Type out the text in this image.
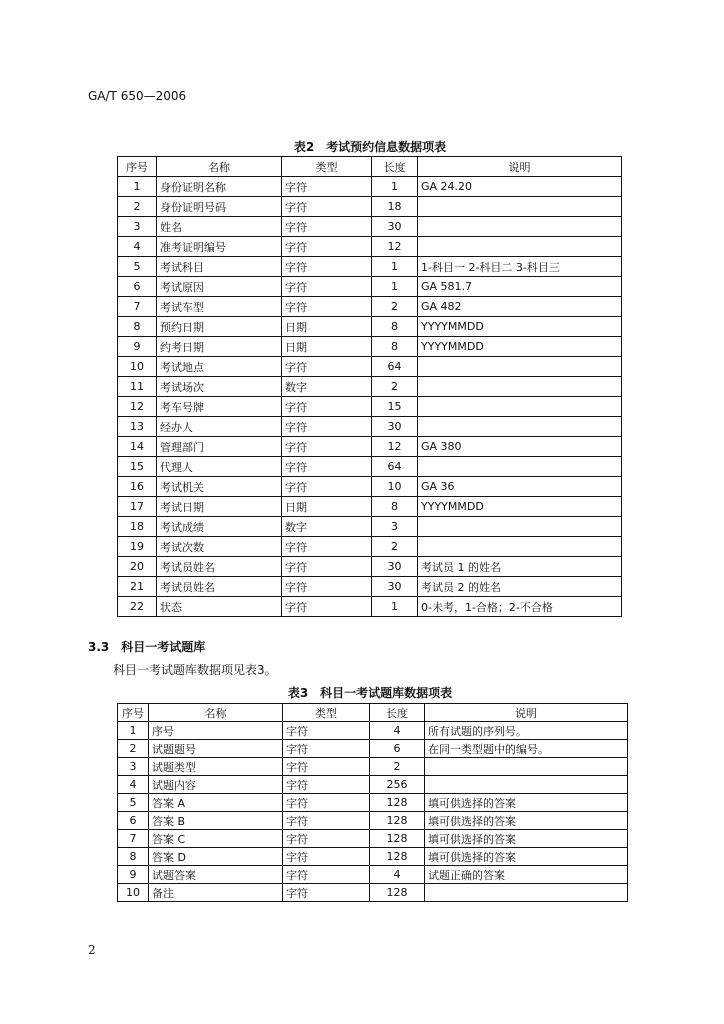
GA/T 650—2006
表2　考试预约信息数据项表
序号	名称	类型	长度	说明
1	身份证明名称	字符	1	GA 24.20
2	身份证明号码	字符	18	
3	姓名	字符	30	
4	准考证明编号	字符	12	
5	考试科目	字符	1	1-科目一 2-科目二 3-科目三
6	考试原因	字符	1	GA 581.7
7	考试车型	字符	2	GA 482
8	预约日期	日期	8	YYYYMMDD
9	约考日期	日期	8	YYYYMMDD
10	考试地点	字符	64	
11	考试场次	数字	2	
12	考车号牌	字符	15	
13	经办人	字符	30	
14	管理部门	字符	12	GA 380
15	代理人	字符	64	
16	考试机关	字符	10	GA 36
17	考试日期	日期	8	YYYYMMDD
18	考试成绩	数字	3	
19	考试次数	字符	2	
20	考试员姓名	字符	30	考试员 1 的姓名
21	考试员姓名	字符	30	考试员 2 的姓名
22	状态	字符	1	0-未考，1-合格；2-不合格
3.3　科目一考试题库
科目一考试题库数据项见表3。
表3　科目一考试题库数据项表
序号	名称	类型	长度	说明
1	序号	字符	4	所有试题的序列号。
2	试题题号	字符	6	在同一类型题中的编号。
3	试题类型	字符	2	
4	试题内容	字符	256	
5	答案 A	字符	128	填可供选择的答案
6	答案 B	字符	128	填可供选择的答案
7	答案 C	字符	128	填可供选择的答案
8	答案 D	字符	128	填可供选择的答案
9	试题答案	字符	4	试题正确的答案
10	备注	字符	128	
2
